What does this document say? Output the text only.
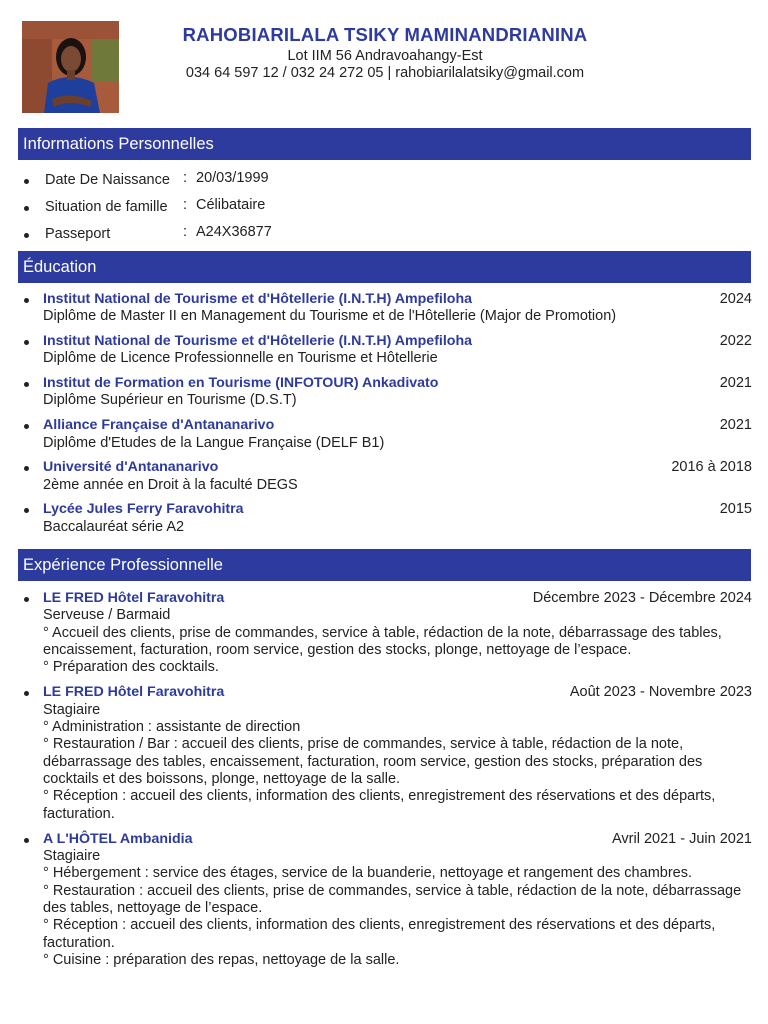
RAHOBIARILALA TSIKY MAMINANDRIANINA
Lot IIM 56 Andravoahangy-Est
034 64 597 12 / 032 24 272 05 | rahobiarilalatsiky@gmail.com
Informations Personnelles
Date De Naissance : 20/03/1999
Situation de famille : Célibataire
Passeport	: A24X36877
Éducation
Institut National de Tourisme et d'Hôtellerie (I.N.T.H) Ampefiloha	2024
Diplôme de Master II en Management du Tourisme et de l'Hôtellerie (Major de Promotion)
Institut National de Tourisme et d'Hôtellerie (I.N.T.H) Ampefiloha	2022
Diplôme de Licence Professionnelle en Tourisme et Hôtellerie
Institut de Formation en Tourisme (INFOTOUR) Ankadivato	2021
Diplôme Supérieur en Tourisme (D.S.T)
Alliance Française d'Antananarivo	2021
Diplôme d'Etudes de la Langue Française (DELF B1)
Université d'Antananarivo	2016 à 2018
2ème année en Droit à la faculté DEGS
Lycée Jules Ferry Faravohitra	2015
Baccalauréat série A2
Expérience Professionnelle
LE FRED Hôtel Faravohitra	Décembre 2023 - Décembre 2024
Serveuse / Barmaid
° Accueil des clients, prise de commandes, service à table, rédaction de la note, débarrassage des tables, encaissement, facturation, room service, gestion des stocks, plonge, nettoyage de l’espace.
° Préparation des cocktails.
LE FRED Hôtel Faravohitra	Août 2023 - Novembre 2023
Stagiaire
° Administration : assistante de direction
° Restauration / Bar : accueil des clients, prise de commandes, service à table, rédaction de la note, débarrassage des tables, encaissement, facturation, room service, gestion des stocks, préparation des cocktails et des boissons, plonge, nettoyage de la salle.
° Réception : accueil des clients, information des clients, enregistrement des réservations et des départs, facturation.
A L'HÔTEL Ambanidia	Avril 2021 - Juin 2021
Stagiaire
° Hébergement : service des étages, service de la buanderie, nettoyage et rangement des chambres.
° Restauration : accueil des clients, prise de commandes, service à table, rédaction de la note, débarrassage des tables, nettoyage de l’espace.
° Réception : accueil des clients, information des clients, enregistrement des réservations et des départs, facturation.
° Cuisine : préparation des repas, nettoyage de la salle.
